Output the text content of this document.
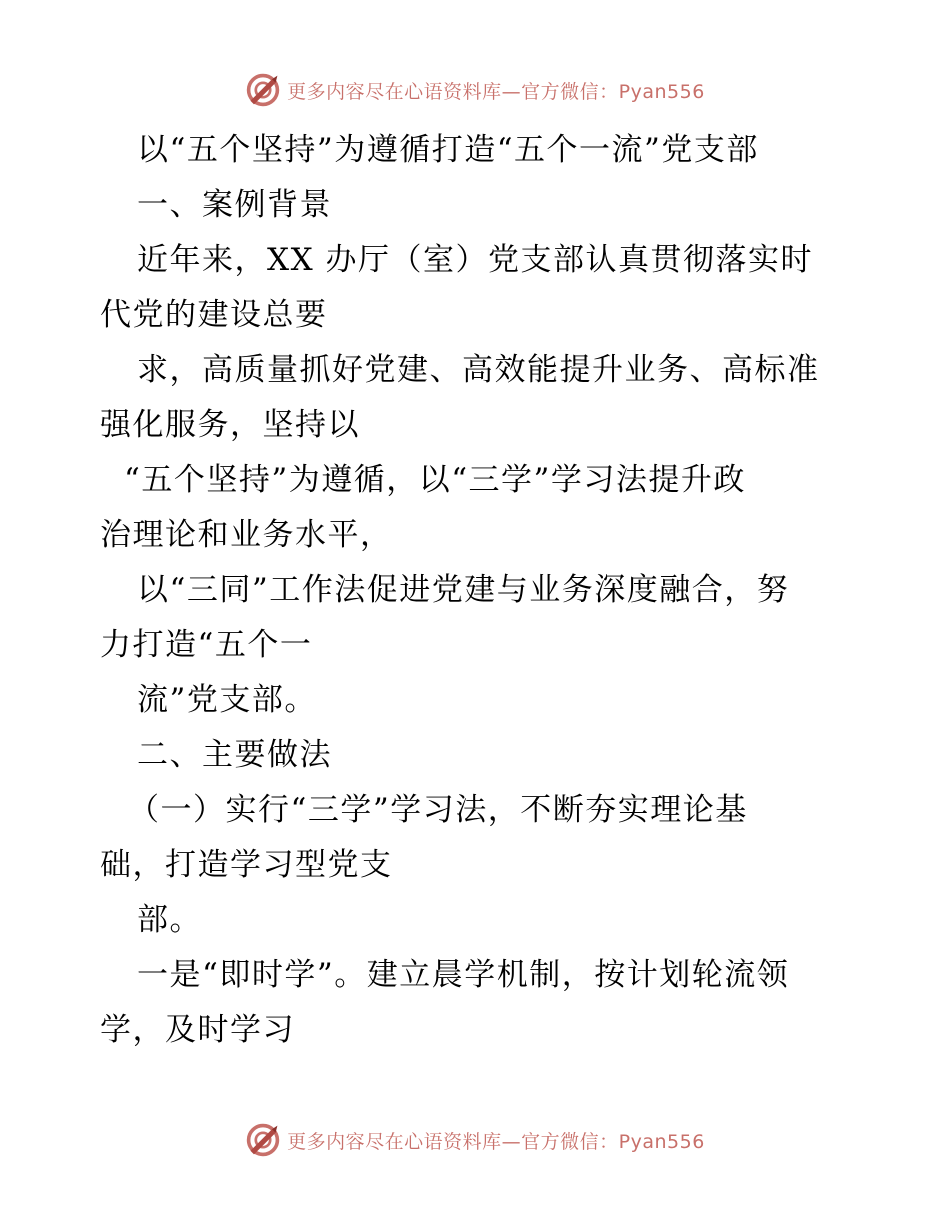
更多内容尽在心语资料库—官方微信：Pyan556
以“五个坚持”为遵循打造“五个一流”党支部
一、案例背景
近年来，XX 办厅（室）党支部认真贯彻落实时
代党的建设总要
求，高质量抓好党建、高效能提升业务、高标准
强化服务，坚持以
“五个坚持”为遵循，以“三学”学习法提升政
治理论和业务水平，
以“三同”工作法促进党建与业务深度融合，努
力打造“五个一
流”党支部。
二、主要做法
（一）实行“三学”学习法，不断夯实理论基
础，打造学习型党支
部。
一是“即时学”。建立晨学机制，按计划轮流领
学，及时学习
更多内容尽在心语资料库—官方微信：Pyan556
